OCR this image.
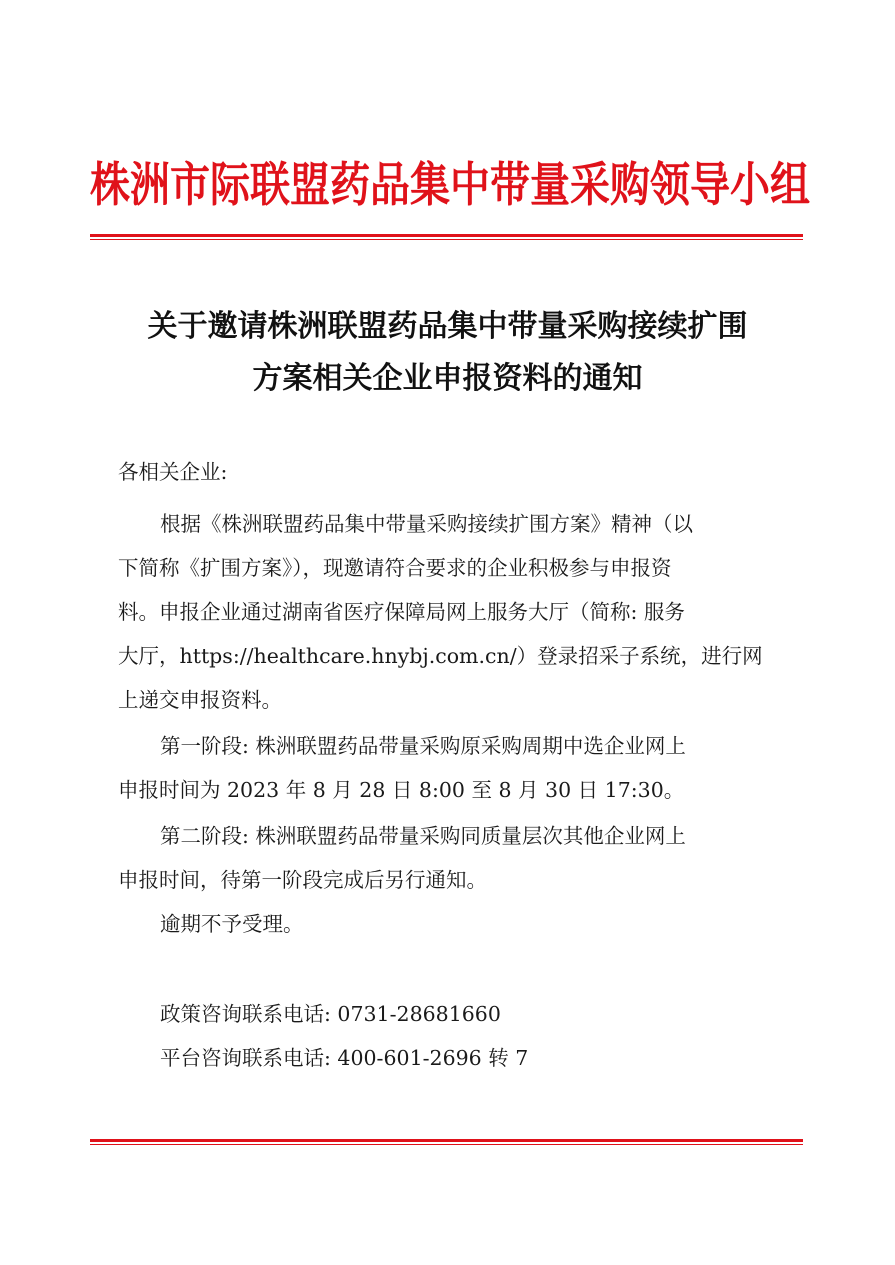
株洲市际联盟药品集中带量采购领导小组
关于邀请株洲联盟药品集中带量采购接续扩围
方案相关企业申报资料的通知
各相关企业:
根据《株洲联盟药品集中带量采购接续扩围方案》精神（以
下简称《扩围方案》），现邀请符合要求的企业积极参与申报资
料。申报企业通过湖南省医疗保障局网上服务大厅（简称: 服务
大厅，https://healthcare.hnybj.com.cn/）登录招采子系统，进行网
上递交申报资料。
第一阶段: 株洲联盟药品带量采购原采购周期中选企业网上
申报时间为 2023 年 8 月 28 日 8:00 至 8 月 30 日 17:30。
第二阶段: 株洲联盟药品带量采购同质量层次其他企业网上
申报时间，待第一阶段完成后另行通知。
逾期不予受理。
政策咨询联系电话: 0731-28681660
平台咨询联系电话: 400-601-2696 转 7
